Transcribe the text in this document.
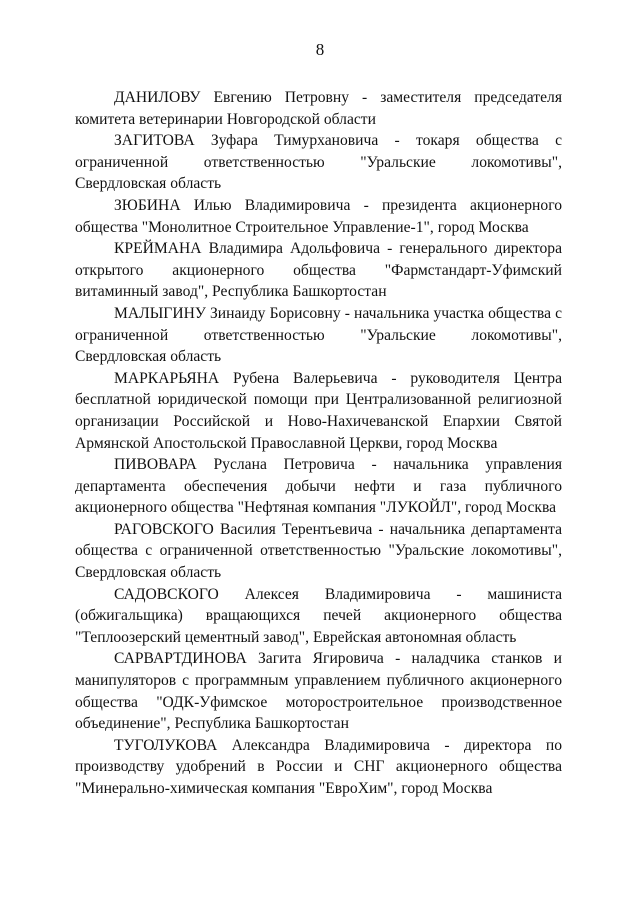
8

ДАНИЛОВУ Евгению Петровну - заместителя председателя комитета ветеринарии Новгородской области

ЗАГИТОВА Зуфара Тимурхановича - токаря общества с ограниченной ответственностью "Уральские локомотивы", Свердловская область

ЗЮБИНА Илью Владимировича - президента акционерного общества "Монолитное Строительное Управление-1", город Москва

КРЕЙМАНА Владимира Адольфовича - генерального директора открытого акционерного общества "Фармстандарт-Уфимский витаминный завод", Республика Башкортостан

МАЛЫГИНУ Зинаиду Борисовну - начальника участка общества с ограниченной ответственностью "Уральские локомотивы", Свердловская область

МАРКАРЬЯНА Рубена Валерьевича - руководителя Центра бесплатной юридической помощи при Централизованной религиозной организации Российской и Ново-Нахичеванской Епархии Святой Армянской Апостольской Православной Церкви, город Москва

ПИВОВАРА Руслана Петровича - начальника управления департамента обеспечения добычи нефти и газа публичного акционерного общества "Нефтяная компания "ЛУКОЙЛ", город Москва

РАГОВСКОГО Василия Терентьевича - начальника департамента общества с ограниченной ответственностью "Уральские локомотивы", Свердловская область

САДОВСКОГО Алексея Владимировича - машиниста (обжигальщика) вращающихся печей акционерного общества "Теплоозерский цементный завод", Еврейская автономная область

САРВАРТДИНОВА Загита Ягировича - наладчика станков и манипуляторов с программным управлением публичного акционерного общества "ОДК-Уфимское моторостроительное производственное объединение", Республика Башкортостан

ТУГОЛУКОВА Александра Владимировича - директора по производству удобрений в России и СНГ акционерного общества "Минерально-химическая компания "ЕвроХим", город Москва
